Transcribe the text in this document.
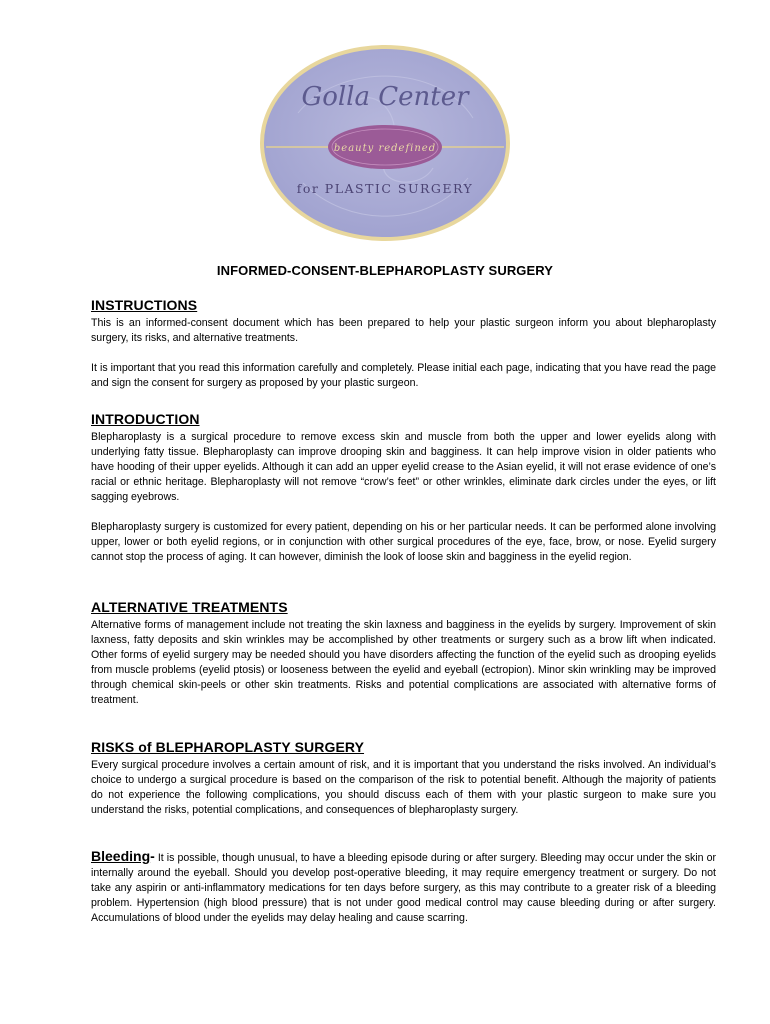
Golla Center
beauty redefined
for PLASTIC SURGERY
INFORMED-CONSENT-BLEPHAROPLASTY SURGERY
INSTRUCTIONS

This is an informed-consent document which has been prepared to help your plastic surgeon inform you about blepharoplasty surgery, its risks, and alternative treatments.

It is important that you read this information carefully and completely. Please initial each page, indicating that you have read the page and sign the consent for surgery as proposed by your plastic surgeon.

INTRODUCTION

Blepharoplasty is a surgical procedure to remove excess skin and muscle from both the upper and lower eyelids along with underlying fatty tissue. Blepharoplasty can improve drooping skin and bagginess. It can help improve vision in older patients who have hooding of their upper eyelids. Although it can add an upper eyelid crease to the Asian eyelid, it will not erase evidence of one’s racial or ethnic heritage. Blepharoplasty will not remove “crow’s feet” or other wrinkles, eliminate dark circles under the eyes, or lift sagging eyebrows.

Blepharoplasty surgery is customized for every patient, depending on his or her particular needs. It can be performed alone involving upper, lower or both eyelid regions, or in conjunction with other surgical procedures of the eye, face, brow, or nose. Eyelid surgery cannot stop the process of aging. It can however, diminish the look of loose skin and bagginess in the eyelid region.

ALTERNATIVE TREATMENTS

Alternative forms of management include not treating the skin laxness and bagginess in the eyelids by surgery. Improvement of skin laxness, fatty deposits and skin wrinkles may be accomplished by other treatments or surgery such as a brow lift when indicated. Other forms of eyelid surgery may be needed should you have disorders affecting the function of the eyelid such as drooping eyelids from muscle problems (eyelid ptosis) or looseness between the eyelid and eyeball (ectropion). Minor skin wrinkling may be improved through chemical skin-peels or other skin treatments. Risks and potential complications are associated with alternative forms of treatment.

RISKS of BLEPHAROPLASTY SURGERY

Every surgical procedure involves a certain amount of risk, and it is important that you understand the risks involved. An individual’s choice to undergo a surgical procedure is based on the comparison of the risk to potential benefit. Although the majority of patients do not experience the following complications, you should discuss each of them with your plastic surgeon to make sure you understand the risks, potential complications, and consequences of blepharoplasty surgery.

Bleeding- It is possible, though unusual, to have a bleeding episode during or after surgery. Bleeding may occur under the skin or internally around the eyeball. Should you develop post-operative bleeding, it may require emergency treatment or surgery. Do not take any aspirin or anti-inflammatory medications for ten days before surgery, as this may contribute to a greater risk of a bleeding problem. Hypertension (high blood pressure) that is not under good medical control may cause bleeding during or after surgery. Accumulations of blood under the eyelids may delay healing and cause scarring.
